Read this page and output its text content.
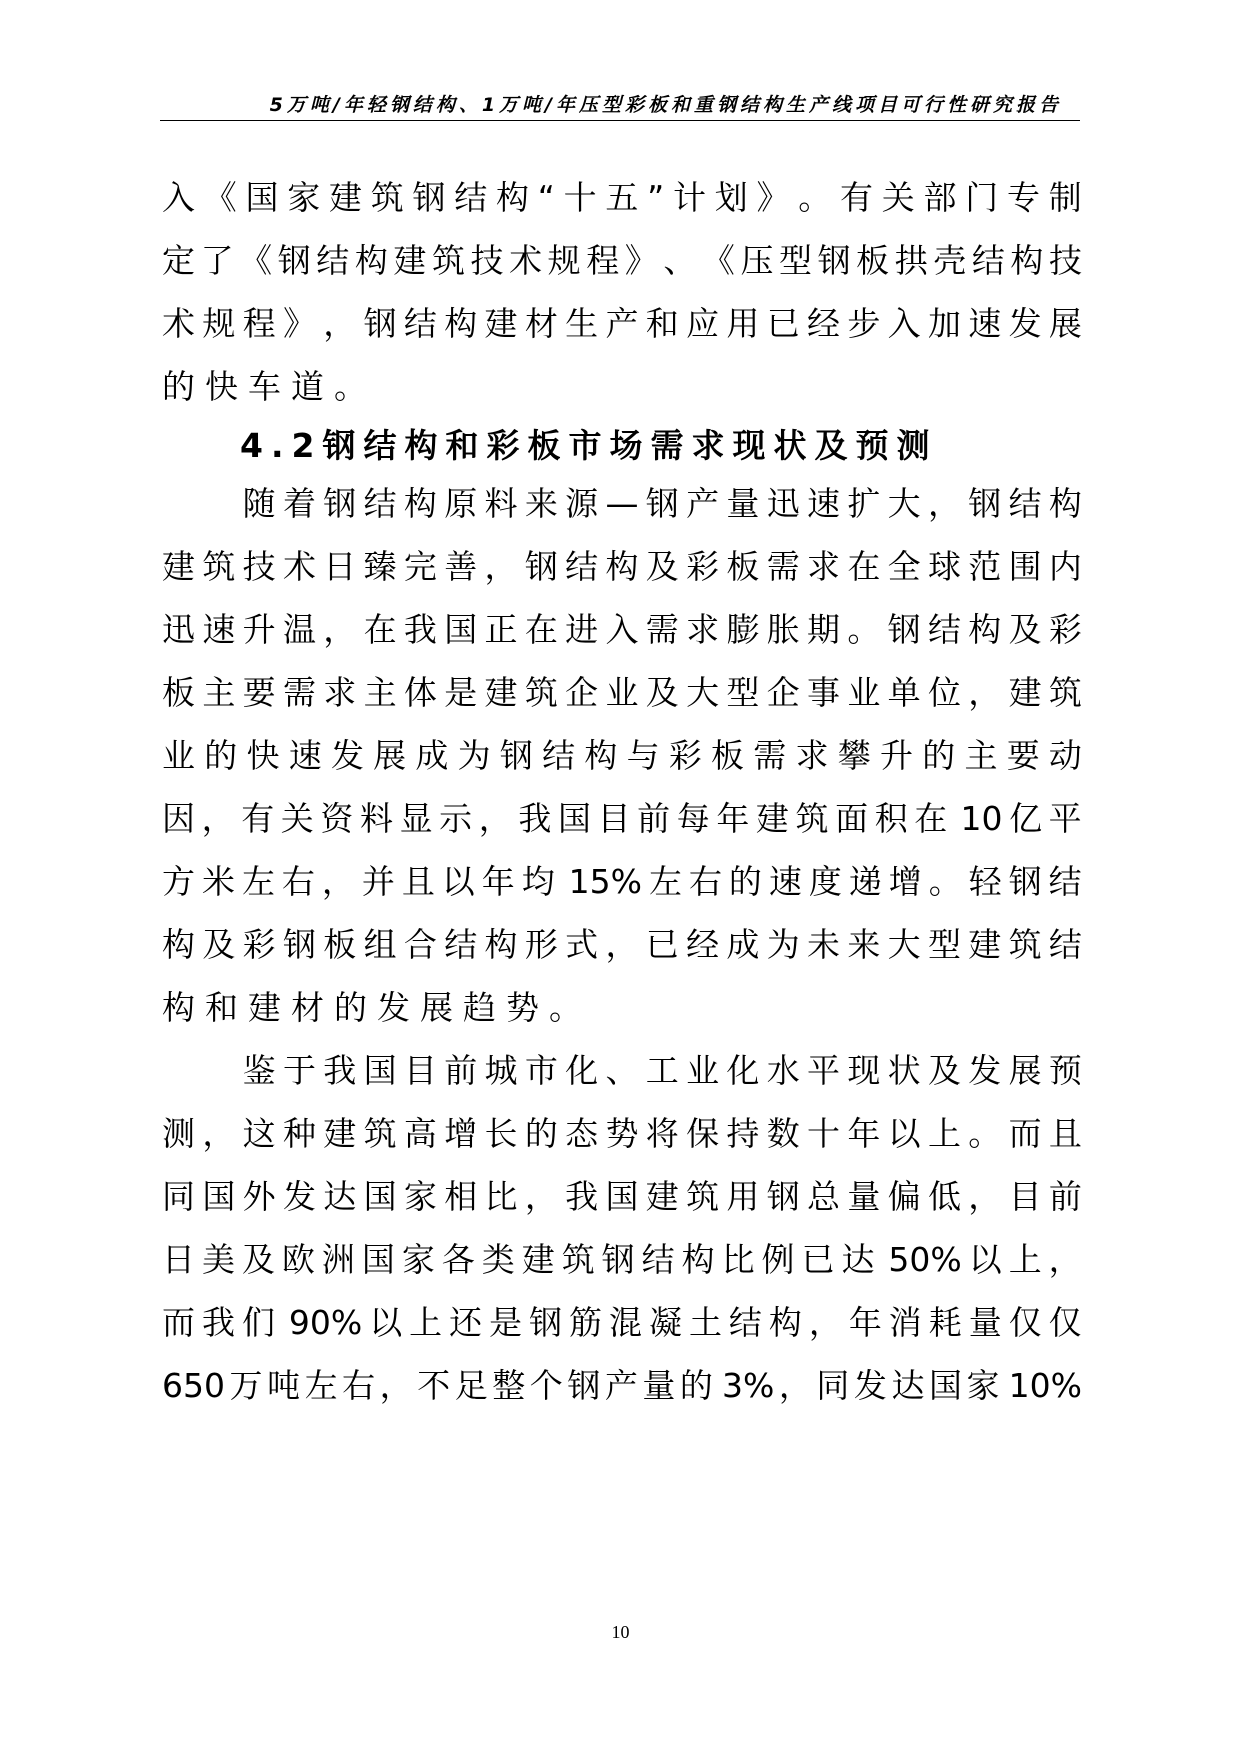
5万吨/年轻钢结构、1万吨/年压型彩板和重钢结构生产线项目可行性研究报告
入 《 国 家 建 筑 钢 结 构 “ 十 五 ” 计 划 》 。 有 关 部 门 专 制
定 了 《 钢 结 构 建 筑 技 术 规 程 》 、 《 压 型 钢 板 拱 壳 结 构 技
术 规 程 》 ， 钢 结 构 建 材 生 产 和 应 用 已 经 步 入 加 速 发 展
的快车道。
4.2钢结构和彩板市场需求现状及预测

随 着 钢 结 构 原 料 来 源 — 钢 产 量 迅 速 扩 大 ， 钢 结 构
建 筑 技 术 日 臻 完 善 ， 钢 结 构 及 彩 板 需 求 在 全 球 范 围 内
迅 速 升 温 ， 在 我 国 正 在 进 入 需 求 膨 胀 期 。 钢 结 构 及 彩
板 主 要 需 求 主 体 是 建 筑 企 业 及 大 型 企 事 业 单 位 ， 建 筑
业 的 快 速 发 展 成 为 钢 结 构 与 彩 板 需 求 攀 升 的 主 要 动
因 ， 有 关 资 料 显 示 ， 我 国 目 前 每 年 建 筑 面 积 在 10 亿 平
方 米 左 右 ， 并 且 以 年 均 15% 左 右 的 速 度 递 增 。 轻 钢 结
构 及 彩 钢 板 组 合 结 构 形 式 ， 已 经 成 为 未 来 大 型 建 筑 结
构和建材的发展趋势。

鉴 于 我 国 目 前 城 市 化 、 工 业 化 水 平 现 状 及 发 展 预
测 ， 这 种 建 筑 高 增 长 的 态 势 将 保 持 数 十 年 以 上 。 而 且
同 国 外 发 达 国 家 相 比 ， 我 国 建 筑 用 钢 总 量 偏 低 ， 目 前
日 美 及 欧 洲 国 家 各 类 建 筑 钢 结 构 比 例 已 达 50% 以 上 ，
而 我 们 90% 以 上 还 是 钢 筋 混 凝 土 结 构 ， 年 消 耗 量 仅 仅
650 万 吨 左 右 ， 不 足 整 个 钢 产 量 的 3% ， 同 发 达 国 家 10%
10
